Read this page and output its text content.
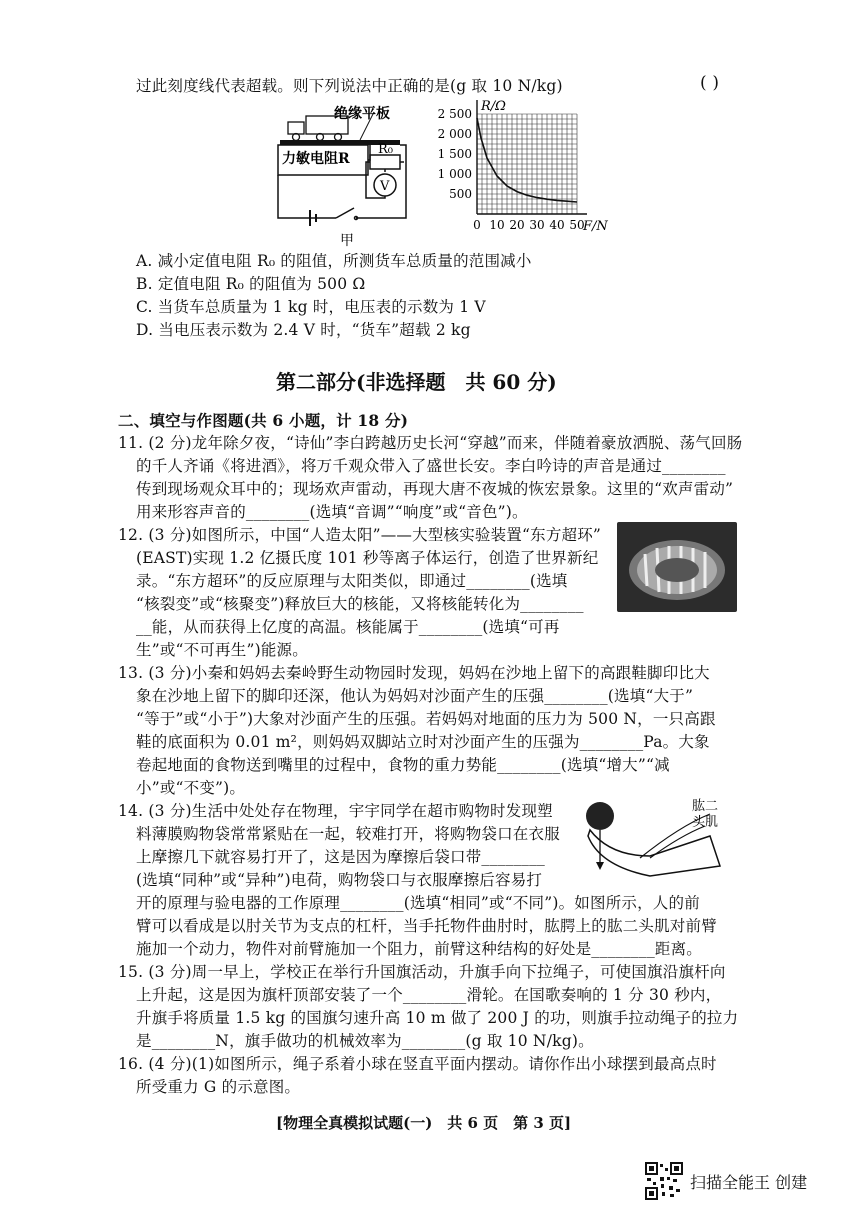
过此刻度线代表超载。则下列说法中正确的是(g 取 10 N/kg)	( )
绝缘平板
力敏电阻R
R₀
V
甲
0 10 20 30 40 50
500
1 000
1 500
2 000
2 500 R/Ω
F/N
A. 减小定值电阻 R₀ 的阻值，所测货车总质量的范围减小
B. 定值电阻 R₀ 的阻值为 500 Ω
C. 当货车总质量为 1 kg 时，电压表的示数为 1 V
D. 当电压表示数为 2.4 V 时，“货车”超载 2 kg
第二部分(非选择题　共 60 分)
二、填空与作图题(共 6 小题，计 18 分)
11. (2 分)龙年除夕夜，“诗仙”李白跨越历史长河“穿越”而来，伴随着豪放洒脱、荡气回肠
的千人齐诵《将进酒》，将万千观众带入了盛世长安。李白吟诗的声音是通过________
传到现场观众耳中的；现场欢声雷动，再现大唐不夜城的恢宏景象。这里的“欢声雷动”
用来形容声音的________(选填“音调”“响度”或“音色”)。
12. (3 分)如图所示，中国“人造太阳”——大型核实验装置“东方超环”
(EAST)实现 1.2 亿摄氏度 101 秒等离子体运行，创造了世界新纪
录。“东方超环”的反应原理与太阳类似，即通过________(选填
“核裂变”或“核聚变”)释放巨大的核能，又将核能转化为________
__能，从而获得上亿度的高温。核能属于________(选填“可再
生”或“不可再生”)能源。
13. (3 分)小秦和妈妈去秦岭野生动物园时发现，妈妈在沙地上留下的高跟鞋脚印比大
象在沙地上留下的脚印还深，他认为妈妈对沙面产生的压强________(选填“大于”
“等于”或“小于”)大象对沙面产生的压强。若妈妈对地面的压力为 500 N，一只高跟
鞋的底面积为 0.01 m²，则妈妈双脚站立时对沙面产生的压强为________Pa。大象
卷起地面的食物送到嘴里的过程中，食物的重力势能________(选填“增大”“减
小”或“不变”)。
14. (3 分)生活中处处存在物理，宇宇同学在超市购物时发现塑
料薄膜购物袋常常紧贴在一起，较难打开，将购物袋口在衣服
上摩擦几下就容易打开了，这是因为摩擦后袋口带________
(选填“同种”或“异种”)电荷，购物袋口与衣服摩擦后容易打
开的原理与验电器的工作原理________(选填“相同”或“不同”)。如图所示，人的前
臂可以看成是以肘关节为支点的杠杆，当手托物件曲肘时，肱腭上的肱二头肌对前臂
施加一个动力，物件对前臂施加一个阻力，前臂这种结构的好处是________距离。
肱二
头肌
15. (3 分)周一早上，学校正在举行升国旗活动，升旗手向下拉绳子，可使国旗沿旗杆向
上升起，这是因为旗杆顶部安装了一个________滑轮。在国歌奏响的 1 分 30 秒内，
升旗手将质量 1.5 kg 的国旗匀速升高 10 m 做了 200 J 的功，则旗手拉动绳子的拉力
是________N，旗手做功的机械效率为________(g 取 10 N/kg)。
16. (4 分)(1)如图所示，绳子系着小球在竖直平面内摆动。请你作出小球摆到最高点时
所受重力 G 的示意图。
[物理全真模拟试题(一)　共 6 页　第 3 页]
扫描全能王 创建
